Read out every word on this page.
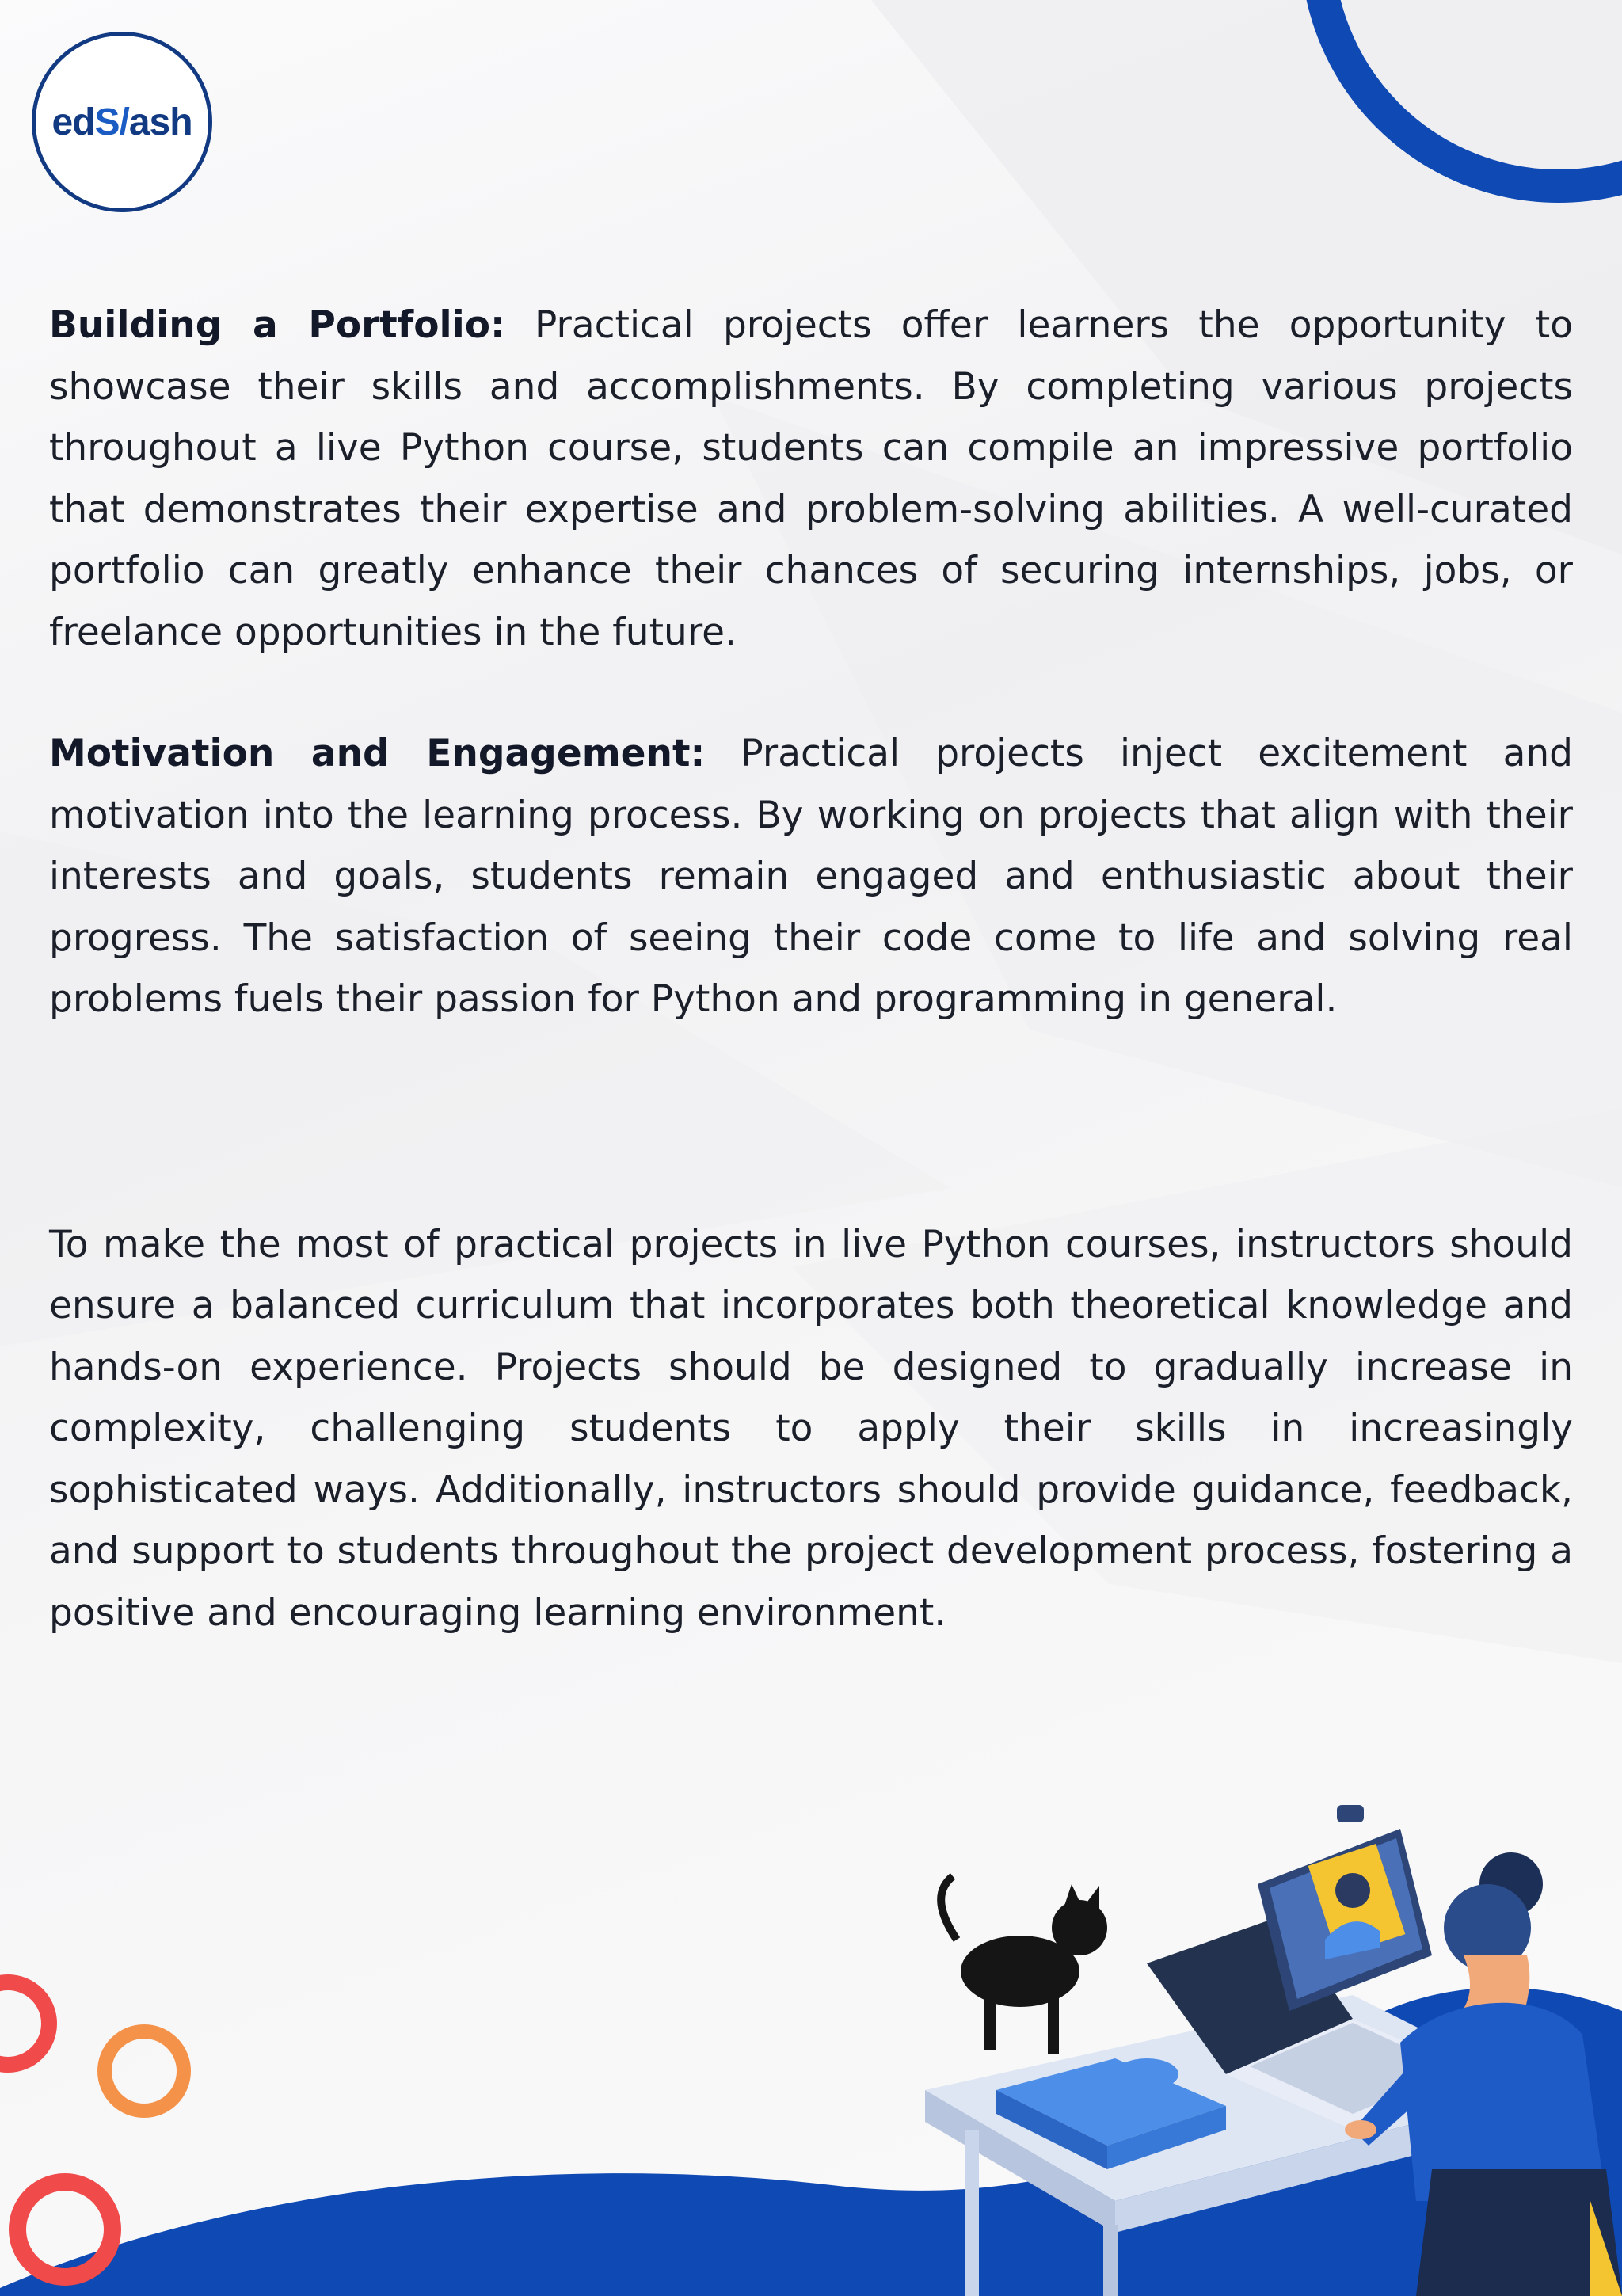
edS/ash

Building a Portfolio: Practical projects offer learners the opportunity to showcase their skills and accomplishments. By completing various projects throughout a live Python course, students can compile an impressive portfolio that demonstrates their expertise and problem-solving abilities. A well-curated portfolio can greatly enhance their chances of securing internships, jobs, or freelance opportunities in the future.

Motivation and Engagement: Practical projects inject excitement and motivation into the learning process. By working on projects that align with their interests and goals, students remain engaged and enthusiastic about their progress. The satisfaction of seeing their code come to life and solving real problems fuels their passion for Python and programming in general.

To make the most of practical projects in live Python courses, instructors should ensure a balanced curriculum that incorporates both theoretical knowledge and hands-on experience. Projects should be designed to gradually increase in complexity, challenging students to apply their skills in increasingly sophisticated ways. Additionally, instructors should provide guidance, feedback, and support to students throughout the project development process, fostering a positive and encouraging learning environment.
